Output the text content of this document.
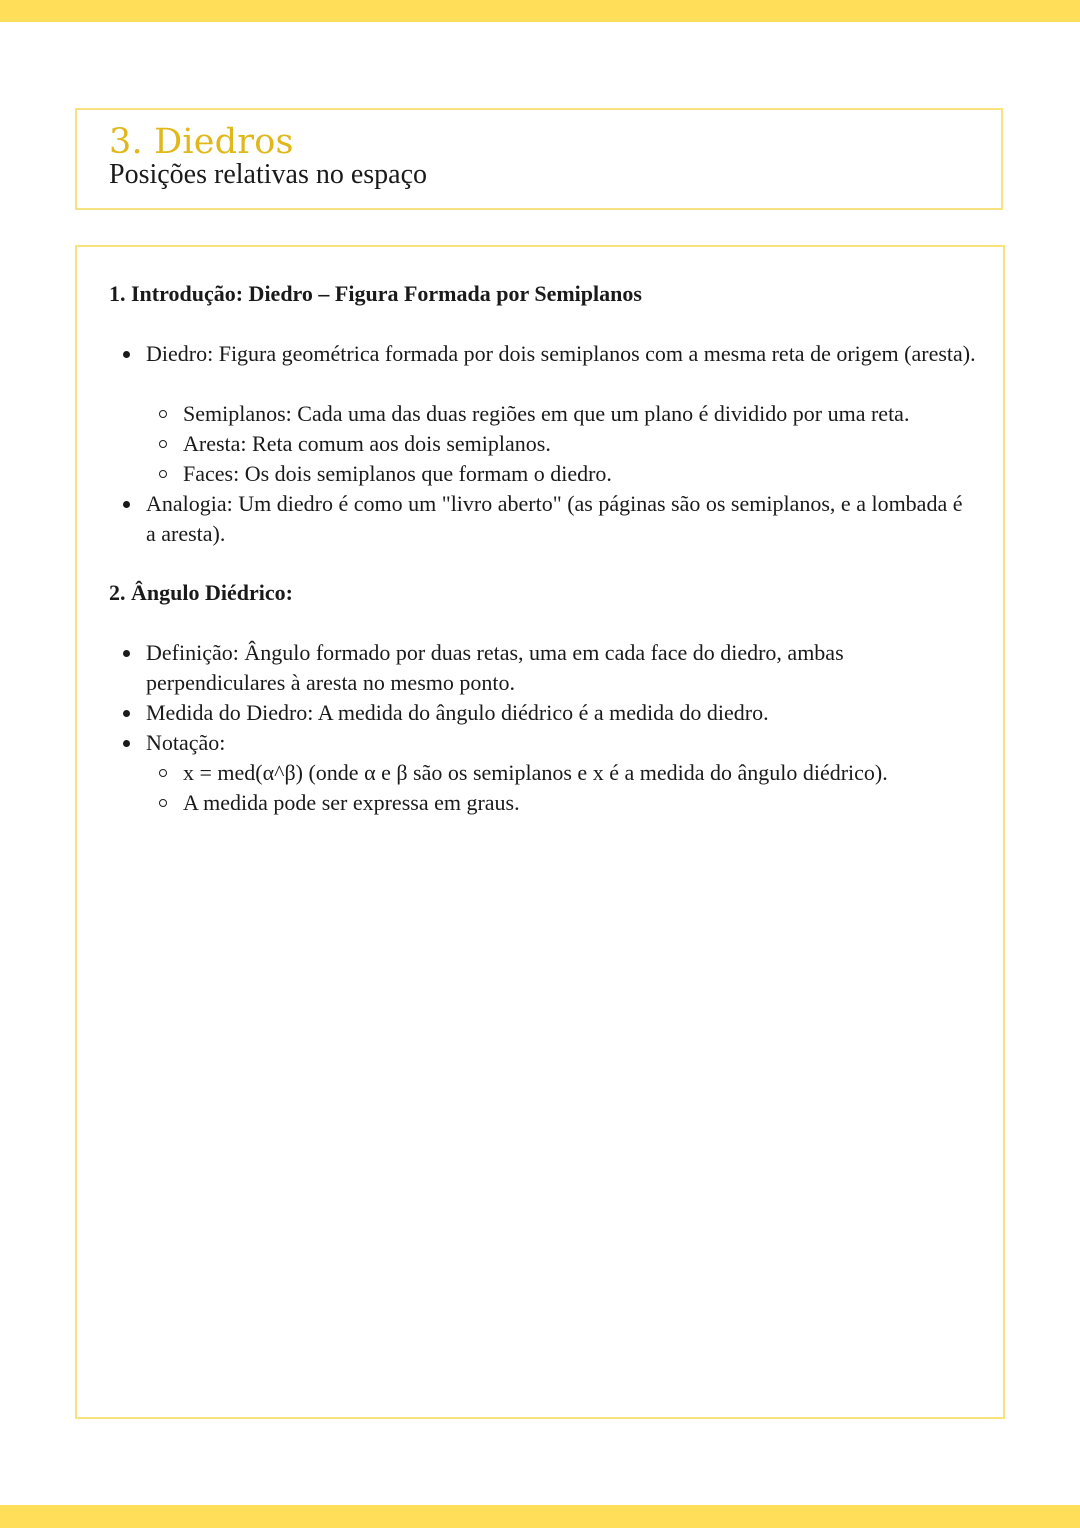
3. Diedros

Posições relativas no espaço

1. Introdução: Diedro – Figura Formada por Semiplanos
Diedro: Figura geométrica formada por dois semiplanos com a mesma reta de origem (aresta).
Semiplanos: Cada uma das duas regiões em que um plano é dividido por uma reta.
Aresta: Reta comum aos dois semiplanos.
Faces: Os dois semiplanos que formam o diedro.
Analogia: Um diedro é como um "livro aberto" (as páginas são os semiplanos, e a lombada é a aresta).
2. Ângulo Diédrico:
Definição: Ângulo formado por duas retas, uma em cada face do diedro, ambas perpendiculares à aresta no mesmo ponto.
Medida do Diedro: A medida do ângulo diédrico é a medida do diedro.
Notação:
x = med(α^β) (onde α e β são os semiplanos e x é a medida do ângulo diédrico).
A medida pode ser expressa em graus.
